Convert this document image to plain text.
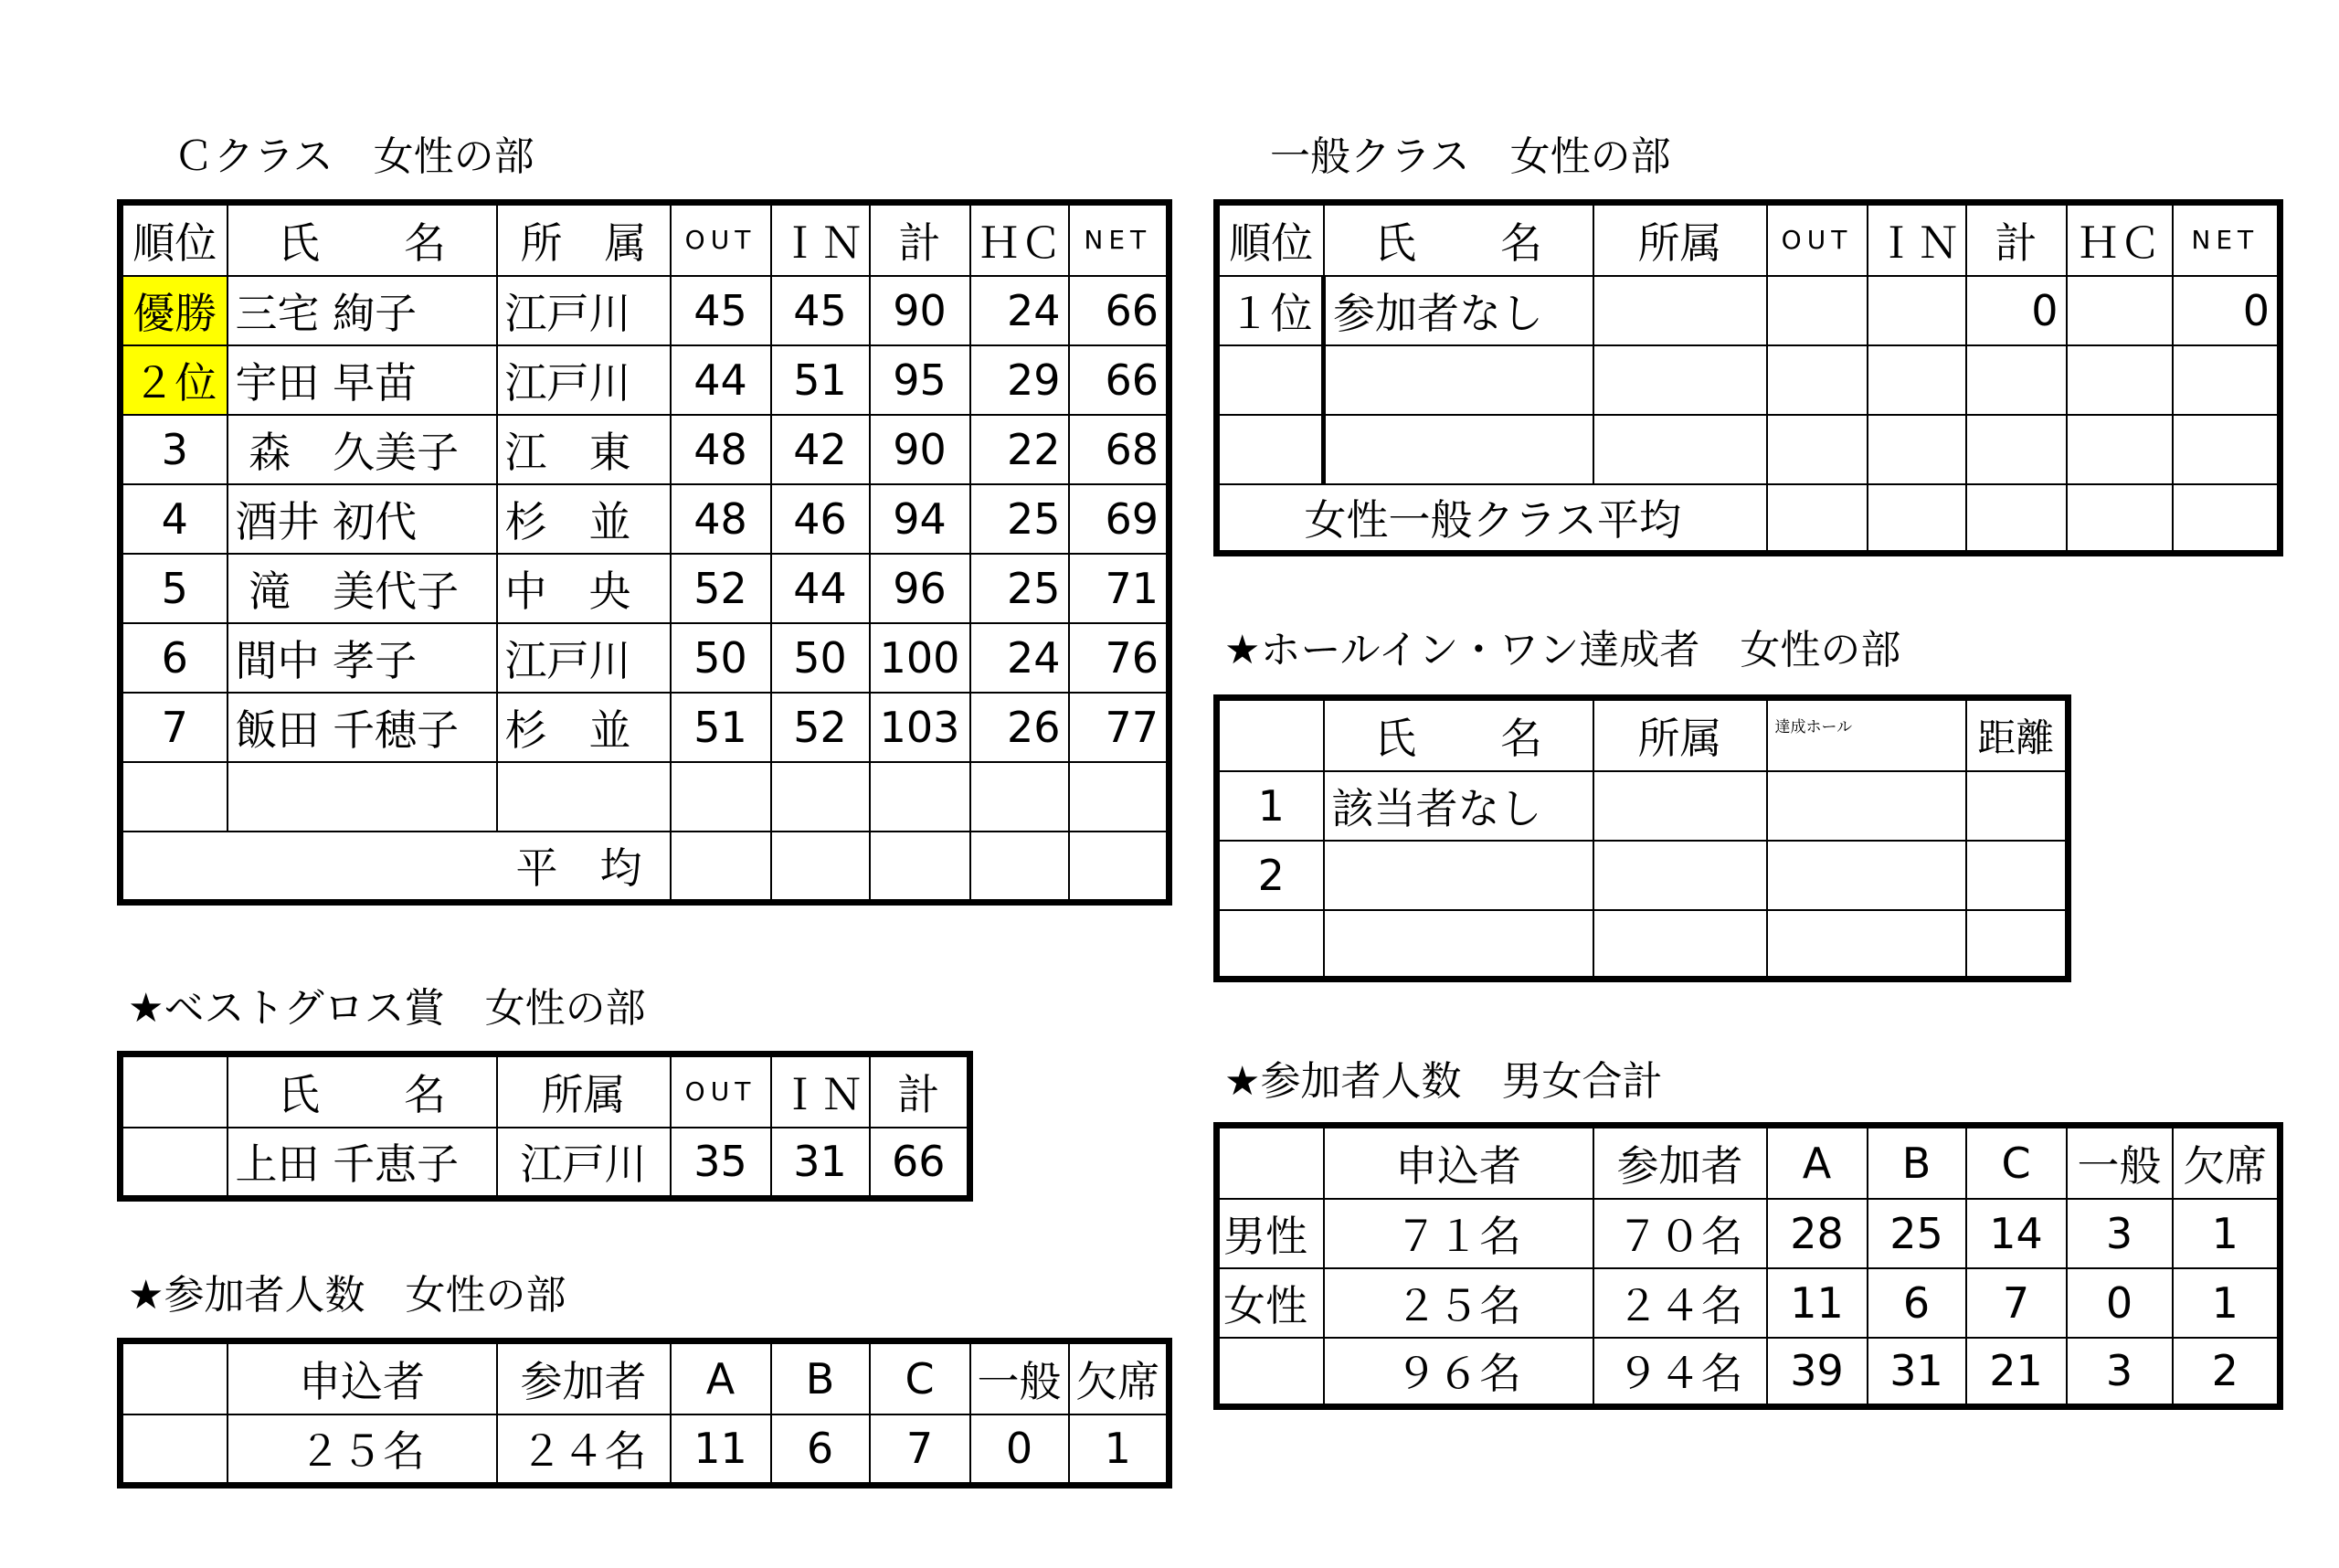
Ｃクラス　女性の部
順位	氏　　名	所　属	OUT	ＩＮ	計	ＨＣ	NET
優勝	三宅 絢子	江戸川	45	45	90	24	66
２位	宇田 早苗	江戸川	44	51	95	29	66
3	森　久美子	江　東	48	42	90	22	68
4	酒井 初代	杉　並	48	46	94	25	69
5	滝　美代子	中　央	52	44	96	25	71
6	間中 孝子	江戸川	50	50	100	24	76
7	飯田 千穂子	杉　並	51	52	103	26	77

平　均							
一般クラス　女性の部
順位	氏　　名	所属	OUT	ＩＮ	計	ＨＣ	NET
１位	参加者なし				0		0

女性一般クラス平均							
★ホールイン・ワン達成者　女性の部
	氏　　名	所属	達成ホール	距離
1	該当者なし			
2				

★ベストグロス賞　女性の部
	氏　　名	所属	OUT	ＩＮ	計
	上田 千恵子	江戸川	35	31	66
★参加者人数　女性の部
	申込者	参加者	A	B	C	一般	欠席
	２５名	２４名	11	6	7	0	1
★参加者人数　男女合計
	申込者	参加者	A	B	C	一般	欠席
男性	７１名	７０名	28	25	14	3	1
女性	２５名	２４名	11	6	7	0	1
	９６名	９４名	39	31	21	3	2
